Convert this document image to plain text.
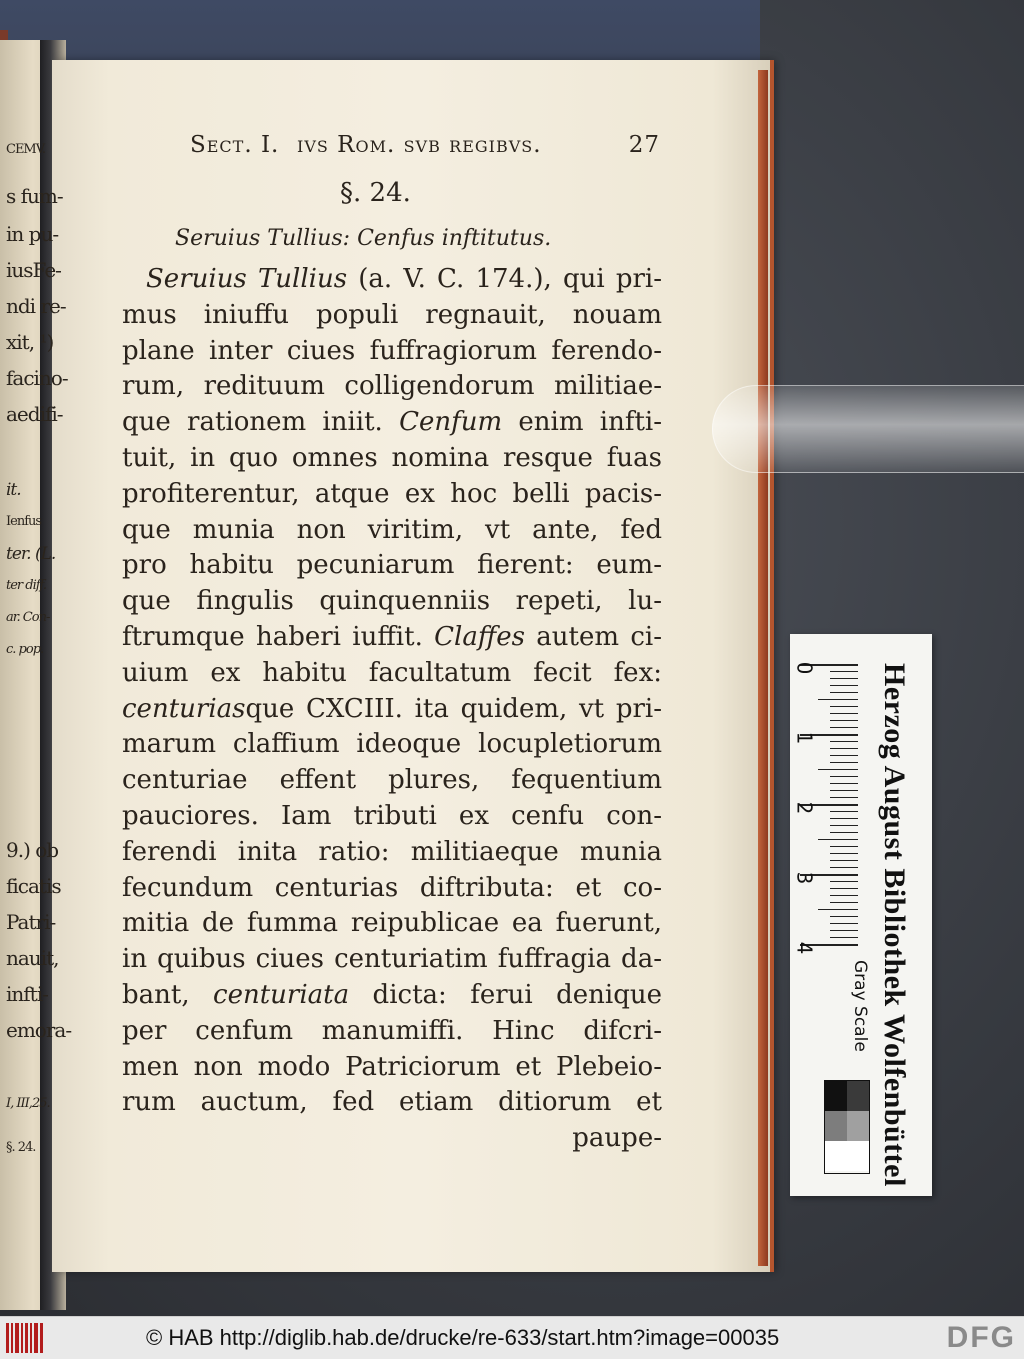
CEMV.
s fum-
in pu-
iusFe-
ndi re-
xit, ¹)
facino-
aedifi-
it.
Ienfus
ter. (L.
ter diff.
ar. Con-
c. pop.
9.) ob
ficatis
Patri-
nauit,
infti-
emora-
I, III,25.
§. 24.
Sect. I. ivs Rom. svb regibvs.	27
§. 24.
Seruius Tullius: Cenfus inftitutus.
Seruius Tullius (a. V. C. 174.), qui pri-
mus iniuffu populi regnauit, nouam
plane inter ciues fuffragiorum ferendo-
rum, redituum colligendorum militiae-
que rationem iniit. Cenfum enim infti-
tuit, in quo omnes nomina resque fuas
profiterentur, atque ex hoc belli pacis-
que munia non viritim, vt ante, fed
pro habitu pecuniarum fierent: eum-
que fingulis quinquenniis repeti, lu-
ftrumque haberi iuffit. Claffes autem ci-
uium ex habitu facultatum fecit fex:
centuriasque CXCIII. ita quidem, vt pri-
marum claffium ideoque locupletiorum
centuriae effent plures, fequentium
pauciores. Iam tributi ex cenfu con-
ferendi inita ratio: militiaeque munia
fecundum centurias diftributa: et co-
mitia de fumma reipublicae ea fuerunt,
in quibus ciues centuriatim fuffragia da-
bant, centuriata dicta: ferui denique
per cenfum manumiffi. Hinc difcri-
men non modo Patriciorum et Plebeio-
rum auctum, fed etiam ditiorum et
paupe-
0
1
2
3
4 Herzog August Bibliothek Wolfenbüttel
Gray Scale
© HAB http://diglib.hab.de/drucke/re-633/start.htm?image=00035	DFG
